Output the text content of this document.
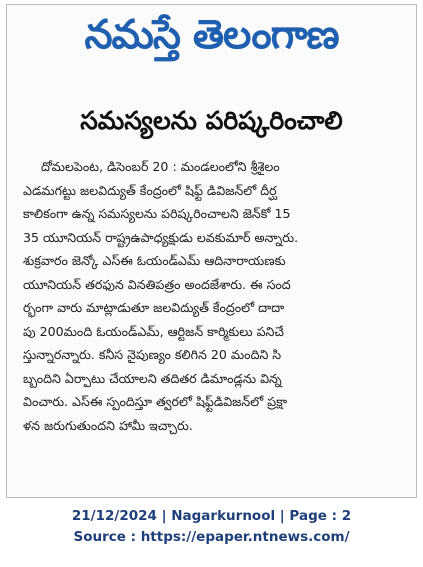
నమస్తే తెలంగాణ
సమస్యలను పరిష్కరించాలి
దోమలపెంట, డిసెంబర్ 20 : మండలంలోని శ్రీశైలం
ఎడమగట్టు జలవిద్యుత్ కేంద్రంలో షిఫ్ట్ డివిజన్‌లో దీర్ఘ
కాలికంగా ఉన్న సమస్యలను పరిష్కరించాలని జెన్‌కో 15
35 యూనియన్ రాష్ట్రఉపాధ్యక్షుడు లవకుమార్ అన్నారు.
శుక్రవారం జెన్కో ఎస్ఈ ఓయండ్ఎమ్ ఆదినారాయణకు
యూనియన్ తరఫున వినతిపత్రం అందజేశారు. ఈ సంద
ర్భంగా వారు మాట్లాడుతూ జలవిద్యుత్ కేంద్రంలో దాదా
పు 200మంది ఓయండ్ఎమ్, ఆర్టిజన్ కార్మికులు పనిచే
స్తున్నారన్నారు. కనీస నైపుణ్యం కలిగిన 20 మందిని సి
బ్బందిని ఏర్పాటు చేయాలని తదితర డిమాండ్లను విన్న
వించారు. ఎస్ఈ స్పందిస్తూ త్వరలో షిఫ్ట్‌డివిజన్‌లో ప్రక్షా
ళన జరుగుతుందని హామీ ఇచ్చారు.
21/12/2024 | Nagarkurnool | Page : 2
Source : https://epaper.ntnews.com/
